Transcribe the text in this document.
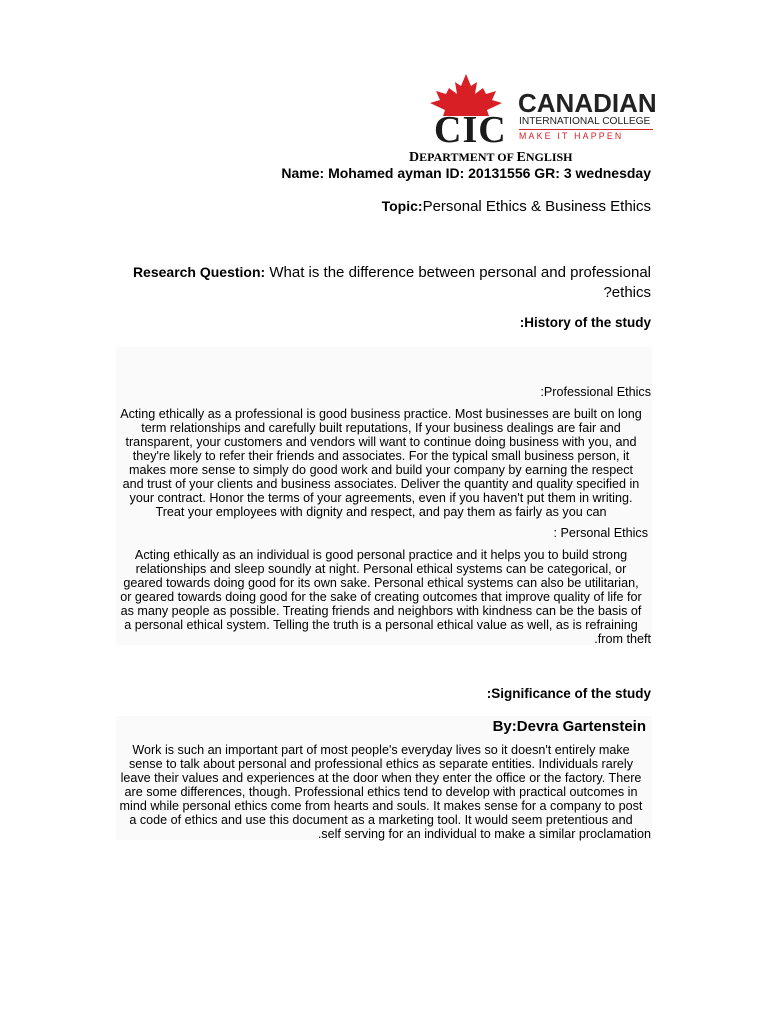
CIC
CANADIAN
INTERNATIONAL COLLEGE
MAKE IT HAPPEN
DEPARTMENT OF ENGLISH
Name: Mohamed ayman ID: 20131556 GR: 3 wednesday
Topic:Personal Ethics & Business Ethics
Research Question: What is the difference between personal and professional
?ethics
:History of the study
:Professional Ethics
Acting ethically as a professional is good business practice. Most businesses are built on long
term relationships and carefully built reputations, If your business dealings are fair and
transparent, your customers and vendors will want to continue doing business with you, and
they're likely to refer their friends and associates. For the typical small business person, it
makes more sense to simply do good work and build your company by earning the respect
and trust of your clients and business associates. Deliver the quantity and quality specified in
your contract. Honor the terms of your agreements, even if you haven't put them in writing.
Treat your employees with dignity and respect, and pay them as fairly as you can
: Personal Ethics
Acting ethically as an individual is good personal practice and it helps you to build strong
relationships and sleep soundly at night. Personal ethical systems can be categorical, or
geared towards doing good for its own sake. Personal ethical systems can also be utilitarian,
or geared towards doing good for the sake of creating outcomes that improve quality of life for
as many people as possible. Treating friends and neighbors with kindness can be the basis of
a personal ethical system. Telling the truth is a personal ethical value as well, as is refraining
.from theft
:Significance of the study
By:Devra Gartenstein
Work is such an important part of most people's everyday lives so it doesn't entirely make
sense to talk about personal and professional ethics as separate entities. Individuals rarely
leave their values and experiences at the door when they enter the office or the factory. There
are some differences, though. Professional ethics tend to develop with practical outcomes in
mind while personal ethics come from hearts and souls. It makes sense for a company to post
a code of ethics and use this document as a marketing tool. It would seem pretentious and
.self serving for an individual to make a similar proclamation
